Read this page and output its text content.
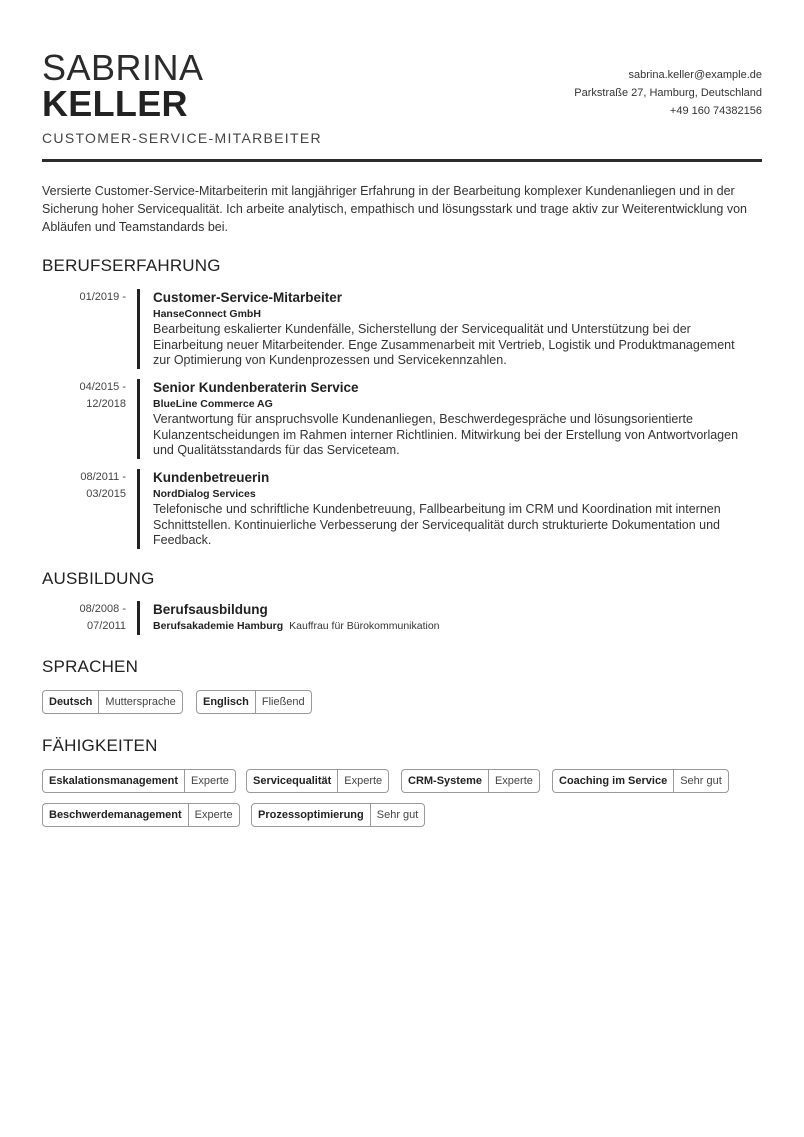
SABRINA
KELLER
CUSTOMER-SERVICE-MITARBEITER
sabrina.keller@example.de
Parkstraße 27, Hamburg, Deutschland
+49 160 74382156
Versierte Customer-Service-Mitarbeiterin mit langjähriger Erfahrung in der Bearbeitung komplexer Kundenanliegen und in der Sicherung hoher Servicequalität. Ich arbeite analytisch, empathisch und lösungsstark und trage aktiv zur Weiterentwicklung von Abläufen und Teamstandards bei.
BERUFSERFAHRUNG
01/2019 - Customer-Service-Mitarbeiter
HanseConnect GmbH
Bearbeitung eskalierter Kundenfälle, Sicherstellung der Servicequalität und Unterstützung bei der Einarbeitung neuer Mitarbeitender. Enge Zusammenarbeit mit Vertrieb, Logistik und Produktmanagement zur Optimierung von Kundenprozessen und Servicekennzahlen.
04/2015 -
12/2018
Senior Kundenberaterin Service
BlueLine Commerce AG
Verantwortung für anspruchsvolle Kundenanliegen, Beschwerdegespräche und lösungsorientierte Kulanzentscheidungen im Rahmen interner Richtlinien. Mitwirkung bei der Erstellung von Antwortvorlagen und Qualitätsstandards für das Serviceteam.
08/2011 -
03/2015
Kundenbetreuerin
NordDialog Services
Telefonische und schriftliche Kundenbetreuung, Fallbearbeitung im CRM und Koordination mit internen Schnittstellen. Kontinuierliche Verbesserung der Servicequalität durch strukturierte Dokumentation und Feedback.
AUSBILDUNG
08/2008 -
07/2011
Berufsausbildung
Berufsakademie Hamburg Kauffrau für Bürokommunikation
SPRACHEN
Deutsch	Muttersprache	Englisch	Fließend
FÄHIGKEITEN
Eskalationsmanagement	Experte	Servicequalität	Experte	CRM-Systeme	Experte	Coaching im Service	Sehr gut
Beschwerdemanagement	Experte	Prozessoptimierung	Sehr gut
